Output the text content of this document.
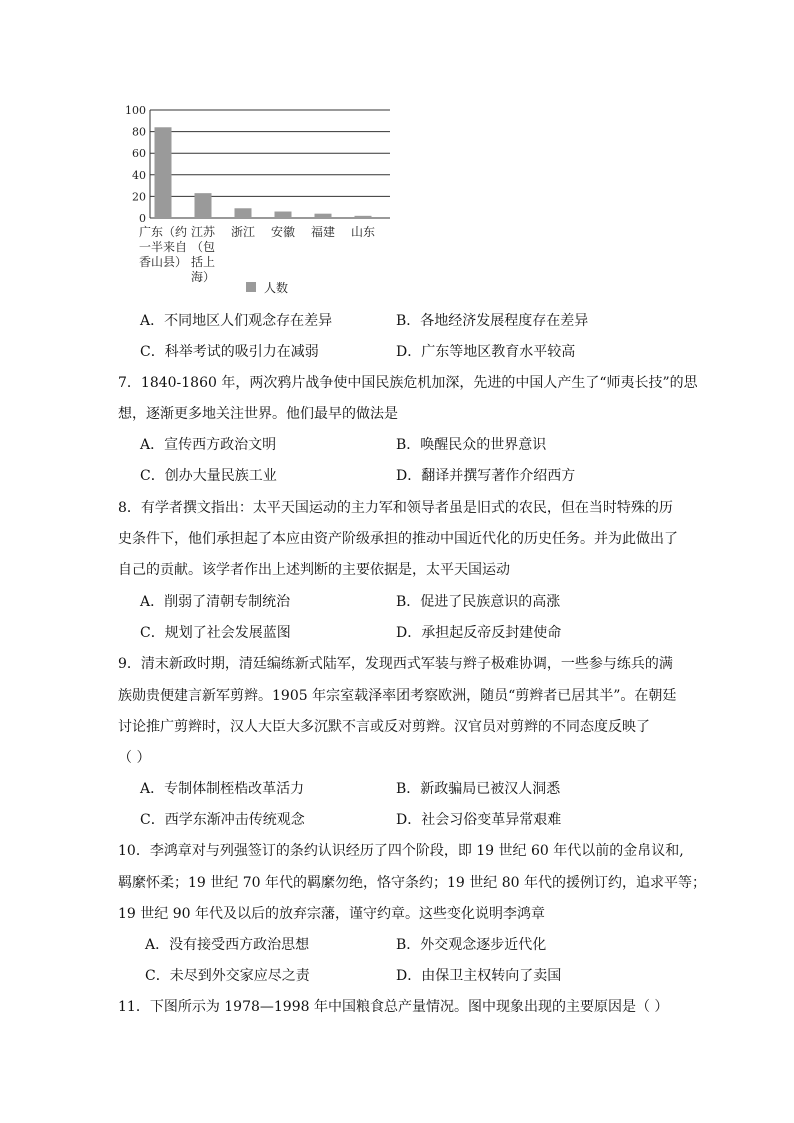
0
20
40
60
80
100
广东（约
一半来自
香山县）
江苏
（包
括上
海）
浙江 安徽 福建 山东
人数
A．不同地区人们观念存在差异	B．各地经济发展程度存在差异
C．科举考试的吸引力在减弱	D．广东等地区教育水平较高
7．1840-1860 年，两次鸦片战争使中国民族危机加深，先进的中国人产生了“师夷长技”的思
想，逐渐更多地关注世界。他们最早的做法是
A．宣传西方政治文明	B．唤醒民众的世界意识
C．创办大量民族工业	D．翻译并撰写著作介绍西方
8．有学者撰文指出：太平天国运动的主力军和领导者虽是旧式的农民，但在当时特殊的历
史条件下，他们承担起了本应由资产阶级承担的推动中国近代化的历史任务。并为此做出了
自己的贡献。该学者作出上述判断的主要依据是，太平天国运动
A．削弱了清朝专制统治	B．促进了民族意识的高涨
C．规划了社会发展蓝图	D．承担起反帝反封建使命
9．清末新政时期，清廷编练新式陆军，发现西式军装与辫子极难协调，一些参与练兵的满
族勋贵便建言新军剪辫。1905 年宗室载泽率团考察欧洲，随员“剪辫者已居其半”。在朝廷
讨论推广剪辫时，汉人大臣大多沉默不言或反对剪辫。汉官员对剪辫的不同态度反映了
（ ）
A．专制体制桎梏改革活力	B．新政骗局已被汉人洞悉
C．西学东渐冲击传统观念	D．社会习俗变革异常艰难
10．李鸿章对与列强签订的条约认识经历了四个阶段，即 19 世纪 60 年代以前的金帛议和,
羁縻怀柔；19 世纪 70 年代的羁縻勿绝，恪守条约；19 世纪 80 年代的援例订约，追求平等；
19 世纪 90 年代及以后的放弃宗藩，谨守约章。这些变化说明李鸿章
A．没有接受西方政治思想	B．外交观念逐步近代化
C．未尽到外交家应尽之责	D．由保卫主权转向了卖国
11．下图所示为 1978—1998 年中国粮食总产量情况。图中现象出现的主要原因是（ ）
